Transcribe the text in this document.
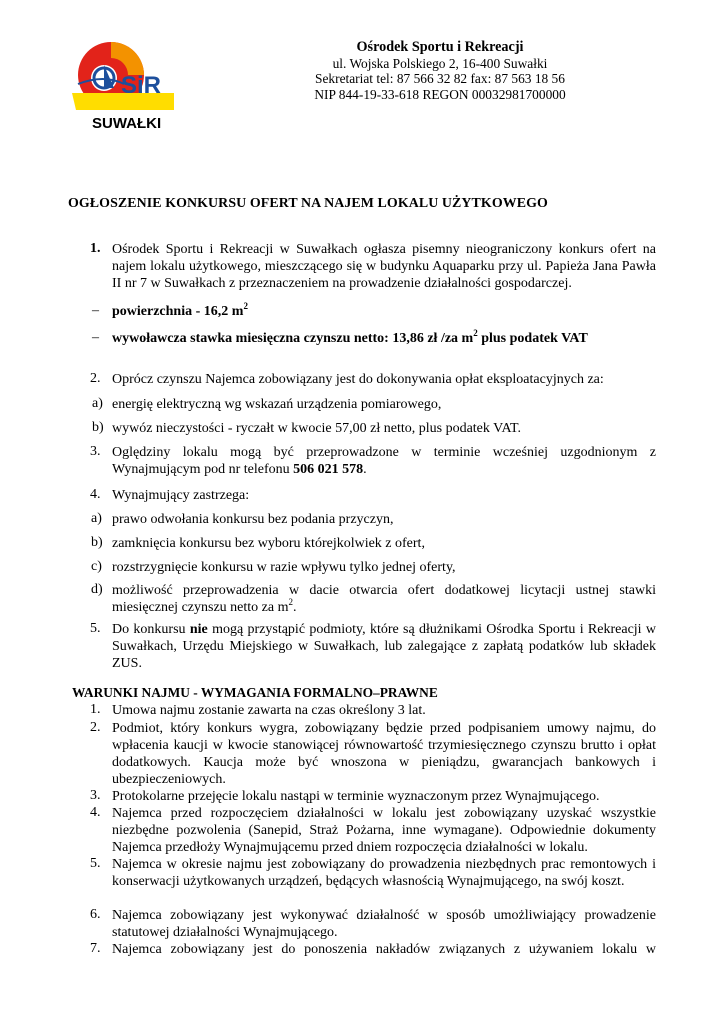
SiR
SUWAŁKI
Ośrodek Sportu i Rekreacji
ul. Wojska Polskiego 2, 16-400 Suwałki
Sekretariat tel: 87 566 32 82 fax: 87 563 18 56
NIP 844-19-33-618 REGON 00032981700000
OGŁOSZENIE KONKURSU OFERT NA NAJEM LOKALU UŻYTKOWEGO
1. Ośrodek Sportu i Rekreacji w Suwałkach ogłasza pisemny nieograniczony konkurs ofert na najem lokalu użytkowego, mieszczącego się w budynku Aquaparku przy ul. Papieża Jana Pawła II nr 7 w Suwałkach z przeznaczeniem na prowadzenie działalności gospodarczej.
– powierzchnia - 16,2 $m^2$
– wywoławcza stawka miesięczna czynszu netto: 13,86 zł /za $m^2$ plus podatek VAT
2. Oprócz czynszu Najemca zobowiązany jest do dokonywania opłat eksploatacyjnych za:
a) energię elektryczną wg wskazań urządzenia pomiarowego,
b) wywóz nieczystości - ryczałt w kwocie 57,00 zł netto, plus podatek VAT.
3. Oględziny lokalu mogą być przeprowadzone w terminie wcześniej uzgodnionym z Wynajmującym pod nr telefonu 506 021 578.
4. Wynajmujący zastrzega:
a) prawo odwołania konkursu bez podania przyczyn,
b) zamknięcia konkursu bez wyboru którejkolwiek z ofert,
c) rozstrzygnięcie konkursu w razie wpływu tylko jednej oferty,
d) możliwość przeprowadzenia w dacie otwarcia ofert dodatkowej licytacji ustnej stawki miesięcznej czynszu netto za $m^2$.
5. Do konkursu nie mogą przystąpić podmioty, które są dłużnikami Ośrodka Sportu i Rekreacji w Suwałkach, Urzędu Miejskiego w Suwałkach, lub zalegające z zapłatą podatków lub składek ZUS.
WARUNKI NAJMU - WYMAGANIA FORMALNO–PRAWNE
1. Umowa najmu zostanie zawarta na czas określony 3 lat.
2. Podmiot, który konkurs wygra, zobowiązany będzie przed podpisaniem umowy najmu, do wpłacenia kaucji w kwocie stanowiącej równowartość trzymiesięcznego czynszu brutto i opłat dodatkowych. Kaucja może być wnoszona w pieniądzu, gwarancjach bankowych i ubezpieczeniowych.
3. Protokolarne przejęcie lokalu nastąpi w terminie wyznaczonym przez Wynajmującego.
4. Najemca przed rozpoczęciem działalności w lokalu jest zobowiązany uzyskać wszystkie niezbędne pozwolenia (Sanepid, Straż Pożarna, inne wymagane). Odpowiednie dokumenty Najemca przedłoży Wynajmującemu przed dniem rozpoczęcia działalności w lokalu.
5. Najemca w okresie najmu jest zobowiązany do prowadzenia niezbędnych prac remontowych i konserwacji użytkowanych urządzeń, będących własnością Wynajmującego, na swój koszt.
6. Najemca zobowiązany jest wykonywać działalność w sposób umożliwiający prowadzenie statutowej działalności Wynajmującego.
7. Najemca zobowiązany jest do ponoszenia nakładów związanych z używaniem lokalu w
